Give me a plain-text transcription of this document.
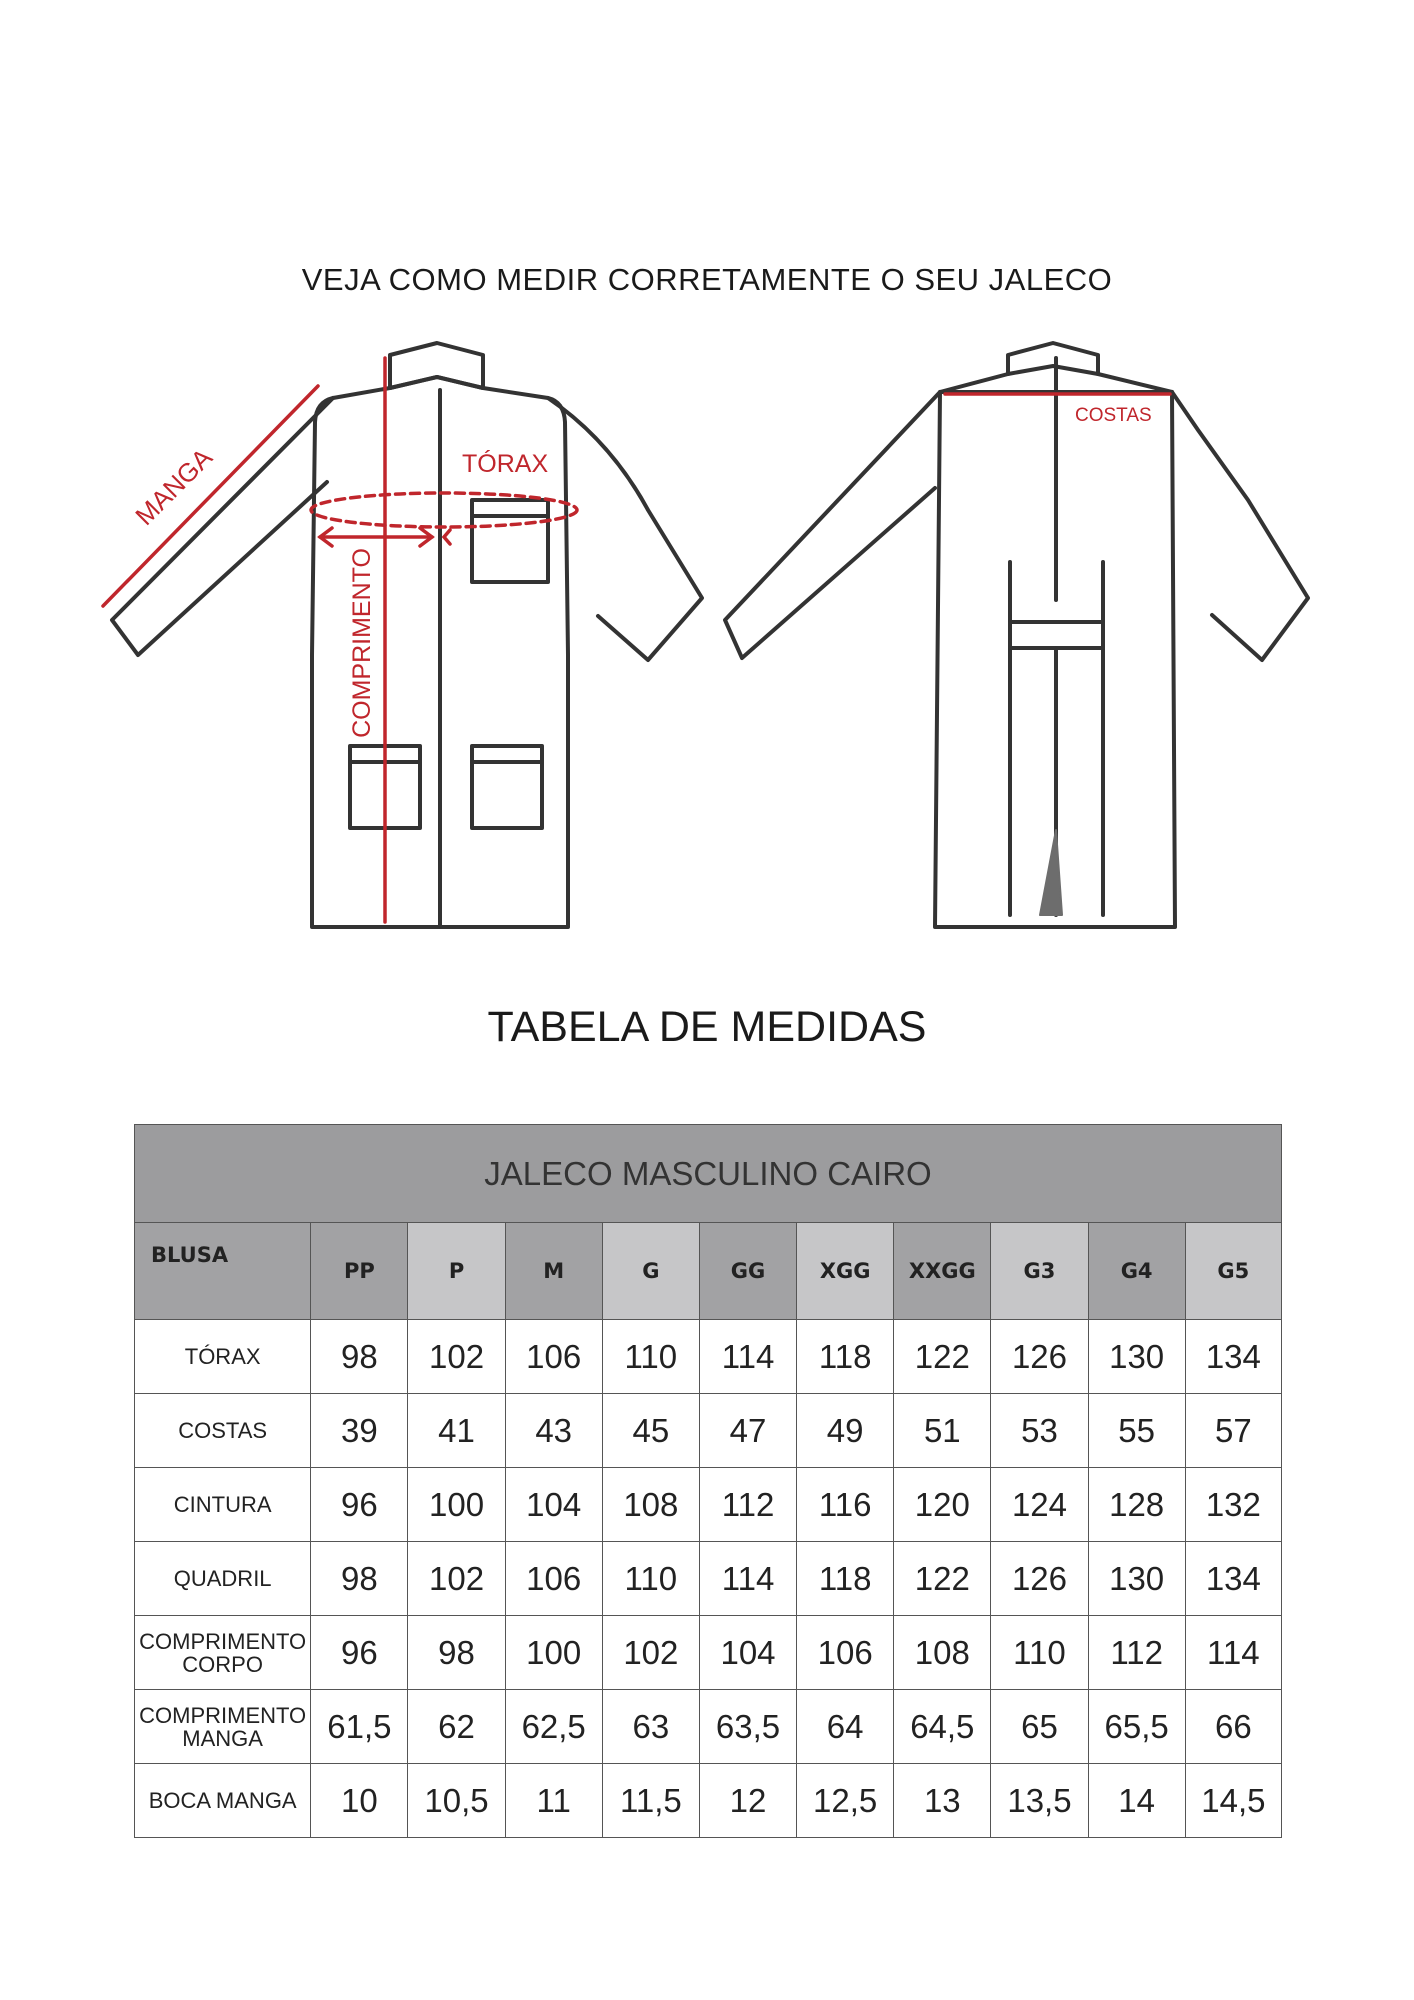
VEJA COMO MEDIR CORRETAMENTE O SEU JALECO
MANGA	TÓRAX
COMPRIMENTO
COSTAS
TABELA DE MEDIDAS
JALECO MASCULINO CAIRO										
BLUSA	PP	P	M	G	GG	XGG	XXGG	G3	G4	G5
TÓRAX	98	102	106	110	114	118	122	126	130	134
COSTAS	39	41	43	45	47	49	51	53	55	57
CINTURA	96	100	104	108	112	116	120	124	128	132
QUADRIL	98	102	106	110	114	118	122	126	130	134
COMPRIMENTO
CORPO	96	98	100	102	104	106	108	110	112	114
COMPRIMENTO
MANGA	61,5	62	62,5	63	63,5	64	64,5	65	65,5	66
BOCA MANGA	10	10,5	11	11,5	12	12,5	13	13,5	14	14,5
